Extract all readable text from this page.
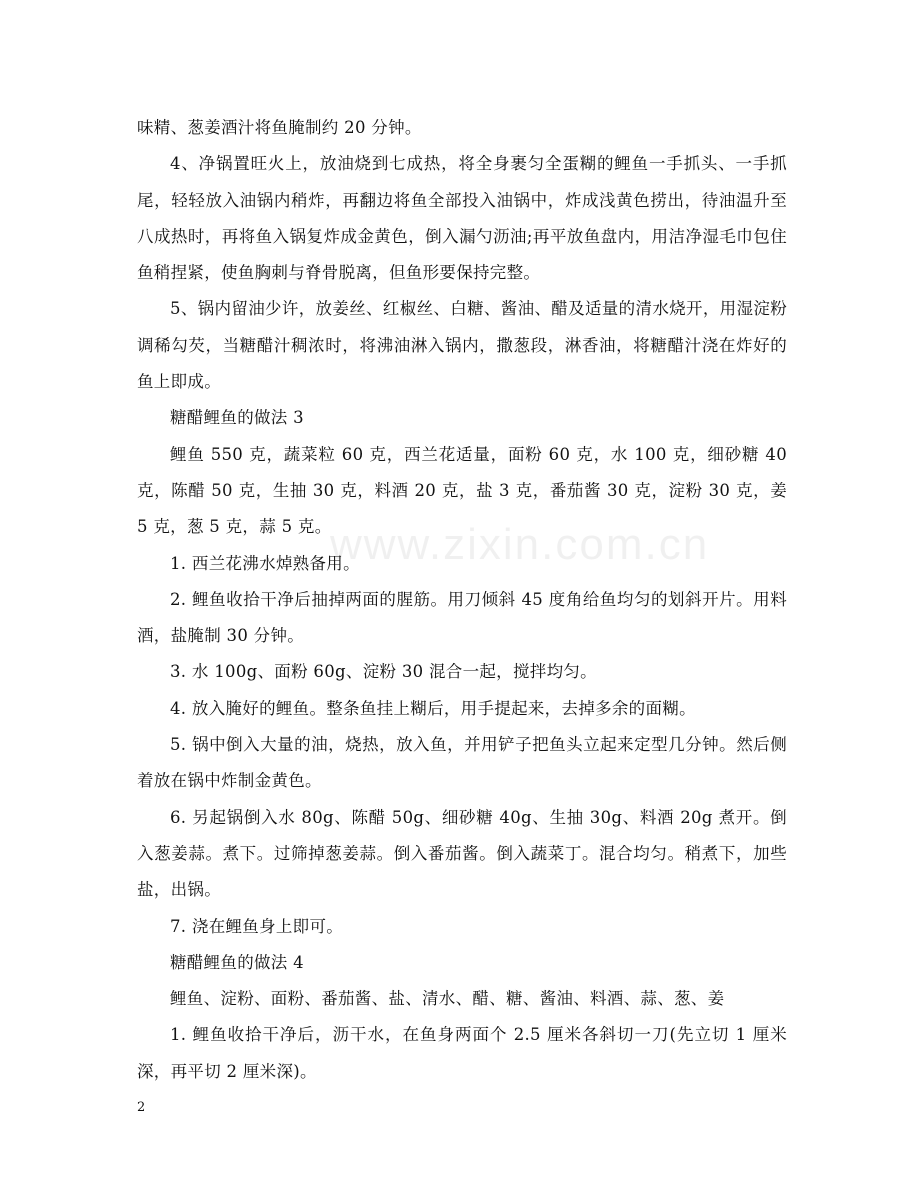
www.zixin.com.cn

味精、葱姜酒汁将鱼腌制约 20 分钟。

4、净锅置旺火上，放油烧到七成热，将全身裹匀全蛋糊的鲤鱼一手抓头、一手抓尾，轻轻放入油锅内稍炸，再翻边将鱼全部投入油锅中，炸成浅黄色捞出，待油温升至八成热时，再将鱼入锅复炸成金黄色，倒入漏勺沥油;再平放鱼盘内，用洁净湿毛巾包住鱼稍捏紧，使鱼胸刺与脊骨脱离，但鱼形要保持完整。

5、锅内留油少许，放姜丝、红椒丝、白糖、酱油、醋及适量的清水烧开，用湿淀粉调稀勾芡，当糖醋汁稠浓时，将沸油淋入锅内，撒葱段，淋香油，将糖醋汁浇在炸好的鱼上即成。

糖醋鲤鱼的做法 3

鲤鱼 550 克，蔬菜粒 60 克，西兰花适量，面粉 60 克，水 100 克，细砂糖 40 克，陈醋 50 克，生抽 30 克，料酒 20 克，盐 3 克，番茄酱 30 克，淀粉 30 克，姜 5 克，葱 5 克，蒜 5 克。

1. 西兰花沸水焯熟备用。

2. 鲤鱼收拾干净后抽掉两面的腥筋。用刀倾斜 45 度角给鱼均匀的划斜开片。用料酒，盐腌制 30 分钟。

3. 水 100g、面粉 60g、淀粉 30 混合一起，搅拌均匀。

4. 放入腌好的鲤鱼。整条鱼挂上糊后，用手提起来，去掉多余的面糊。

5. 锅中倒入大量的油，烧热，放入鱼，并用铲子把鱼头立起来定型几分钟。然后侧着放在锅中炸制金黄色。

6. 另起锅倒入水 80g、陈醋 50g、细砂糖 40g、生抽 30g、料酒 20g 煮开。倒入葱姜蒜。煮下。过筛掉葱姜蒜。倒入番茄酱。倒入蔬菜丁。混合均匀。稍煮下，加些盐，出锅。

7. 浇在鲤鱼身上即可。

糖醋鲤鱼的做法 4

鲤鱼、淀粉、面粉、番茄酱、盐、清水、醋、糖、酱油、料酒、蒜、葱、姜

1. 鲤鱼收拾干净后，沥干水，在鱼身两面个 2.5 厘米各斜切一刀(先立切 1 厘米深，再平切 2 厘米深)。

2
